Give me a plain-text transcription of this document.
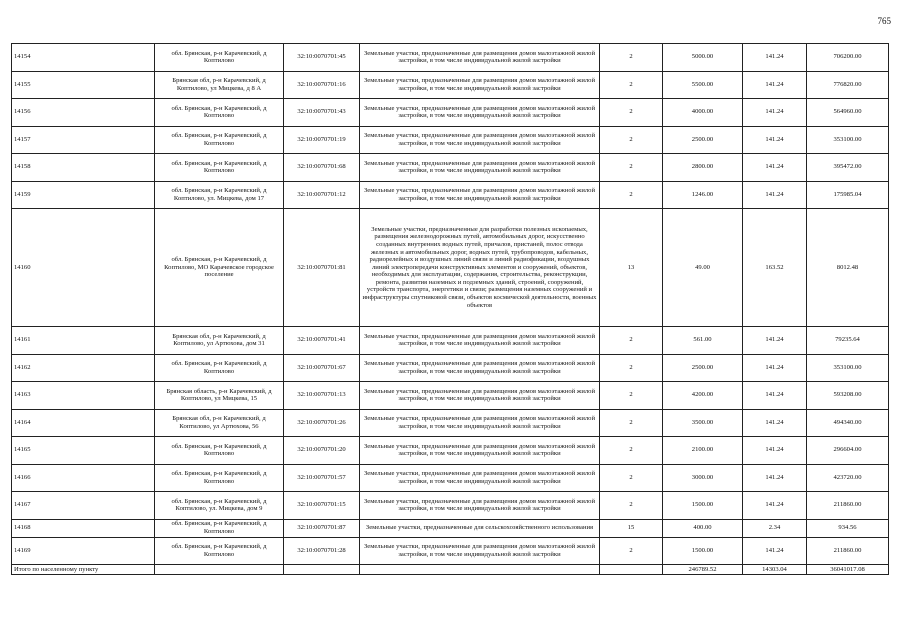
765
14154	обл. Брянская, р-н Карачевский, д Коптилово	32:10:0070701:45	Земельные участки, предназначенные для размещения домов малоэтажной жилой застройки, в том числе индивидуальной жилой застройки	2	5000.00	141.24	706200.00
14155	Брянская обл, р-н Карачевский, д Коптилово, ул Мицкева, д 8 А	32:10:0070701:16	Земельные участки, предназначенные для размещения домов малоэтажной жилой застройки, в том числе индивидуальной жилой застройки	2	5500.00	141.24	776820.00
14156	обл. Брянская, р-н Карачевский, д Коптилово	32:10:0070701:43	Земельные участки, предназначенные для размещения домов малоэтажной жилой застройки, в том числе индивидуальной жилой застройки	2	4000.00	141.24	564960.00
14157	обл. Брянская, р-н Карачевский, д Коптилово	32:10:0070701:19	Земельные участки, предназначенные для размещения домов малоэтажной жилой застройки, в том числе индивидуальной жилой застройки	2	2500.00	141.24	353100.00
14158	обл. Брянская, р-н Карачевский, д Коптилово	32:10:0070701:68	Земельные участки, предназначенные для размещения домов малоэтажной жилой застройки, в том числе индивидуальной жилой застройки	2	2800.00	141.24	395472.00
14159	обл. Брянская, р-н Карачевский, д Коптилово, ул. Мицкева, дом 17	32:10:0070701:12	Земельные участки, предназначенные для размещения домов малоэтажной жилой застройки, в том числе индивидуальной жилой застройки	2	1246.00	141.24	175985.04
14160	обл. Брянская, р-н Карачевский, д Коптилово, МО Карачевское городское поселение	32:10:0070701:81	Земельные участки, предназначенные для разработки полезных ископаемых, размещения железнодорожных путей, автомобильных дорог, искусственно созданных внутренних водных путей, причалов, пристаней, полос отвода железных и автомобильных дорог, водных путей, трубопроводов, кабельных, радиорелейных и воздушных линий связи и линий радиофикации, воздушных линий электропередачи конструктивных элементов и сооружений, объектов, необходимых для эксплуатации, содержания, строительства, реконструкции, ремонта, развития наземных и подземных зданий, строений, сооружений, устройств транспорта, энергетики и связи; размещения наземных сооружений и инфраструктуры спутниковой связи, объектов космической деятельности, военных объектов	13	49.00	163.52	8012.48
14161	Брянская обл, р-н Карачевский, д Коптилово, ул Артюхова, дом 31	32:10:0070701:41	Земельные участки, предназначенные для размещения домов малоэтажной жилой застройки, в том числе индивидуальной жилой застройки	2	561.00	141.24	79235.64
14162	обл. Брянская, р-н Карачевский, д Коптилово	32:10:0070701:67	Земельные участки, предназначенные для размещения домов малоэтажной жилой застройки, в том числе индивидуальной жилой застройки	2	2500.00	141.24	353100.00
14163	Брянская область, р-н Карачевский, д Коптилово, ул Мицкева, 15	32:10:0070701:13	Земельные участки, предназначенные для размещения домов малоэтажной жилой застройки, в том числе индивидуальной жилой застройки	2	4200.00	141.24	593208.00
14164	Брянская обл, р-н Карачевский, д Коптилово, ул Артюхова, 56	32:10:0070701:26	Земельные участки, предназначенные для размещения домов малоэтажной жилой застройки, в том числе индивидуальной жилой застройки	2	3500.00	141.24	494340.00
14165	обл. Брянская, р-н Карачевский, д Коптилово	32:10:0070701:20	Земельные участки, предназначенные для размещения домов малоэтажной жилой застройки, в том числе индивидуальной жилой застройки	2	2100.00	141.24	296604.00
14166	обл. Брянская, р-н Карачевский, д Коптилово	32:10:0070701:57	Земельные участки, предназначенные для размещения домов малоэтажной жилой застройки, в том числе индивидуальной жилой застройки	2	3000.00	141.24	423720.00
14167	обл. Брянская, р-н Карачевский, д Коптилово, ул. Мицкева, дом 9	32:10:0070701:15	Земельные участки, предназначенные для размещения домов малоэтажной жилой застройки, в том числе индивидуальной жилой застройки	2	1500.00	141.24	211860.00
14168	обл. Брянская, р-н Карачевский, д Коптилово	32:10:0070701:87	Земельные участки, предназначенные для сельскохозяйственного использования	15	400.00	2.34	934.56
14169	обл. Брянская, р-н Карачевский, д Коптилово	32:10:0070701:28	Земельные участки, предназначенные для размещения домов малоэтажной жилой застройки, в том числе индивидуальной жилой застройки	2	1500.00	141.24	211860.00
Итого по населенному пункту					246789.52	14303.04	36041017.08
